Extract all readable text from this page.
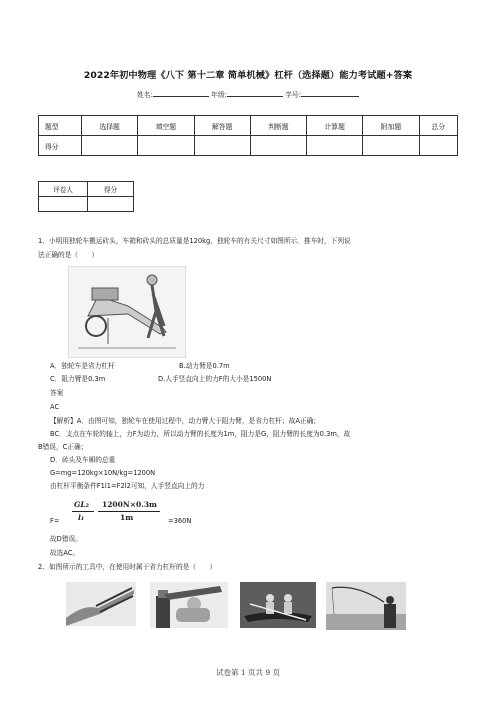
2022年初中物理《八下 第十二章 简单机械》杠杆（选择题）能力考试题+答案
姓名:	年级:	学号:
题型	选择题	填空题	解答题	判断题	计算题	附加题	总分
得分							
评卷人	得分

1、小明用独轮车搬运砖头，车箱和砖头的总质量是120kg，独轮车的有关尺寸如图所示．推车时，下列说
法正确的是（　　）
A．独轮车是省力杠杆	B.动力臂是0.7m
C．阻力臂是0.3m	D.人手竖直向上的力F的大小是1500N
答案
AC
【解析】A．由图可知，独轮车在使用过程中，动力臂大于阻力臂，是省力杠杆；故A正确；
BC．支点在车轮的轴上，力F为动力，所以动力臂的长度为1m，阻力是G，阻力臂的长度为0.3m，故
B错误，C正确；
D．砖头及车厢的总重
G=mg=120kg×10N/kg=1200N
由杠杆平衡条件F1l1=F2l2可知，人手竖直向上的力
F=
GL₂
l₁
1200N×0.3m
1m	=360N
故D错误。
故选AC。
2、如图所示的工具中，在使用时属于省力杠杆的是（　　）
试卷第 1 页共 9 页
